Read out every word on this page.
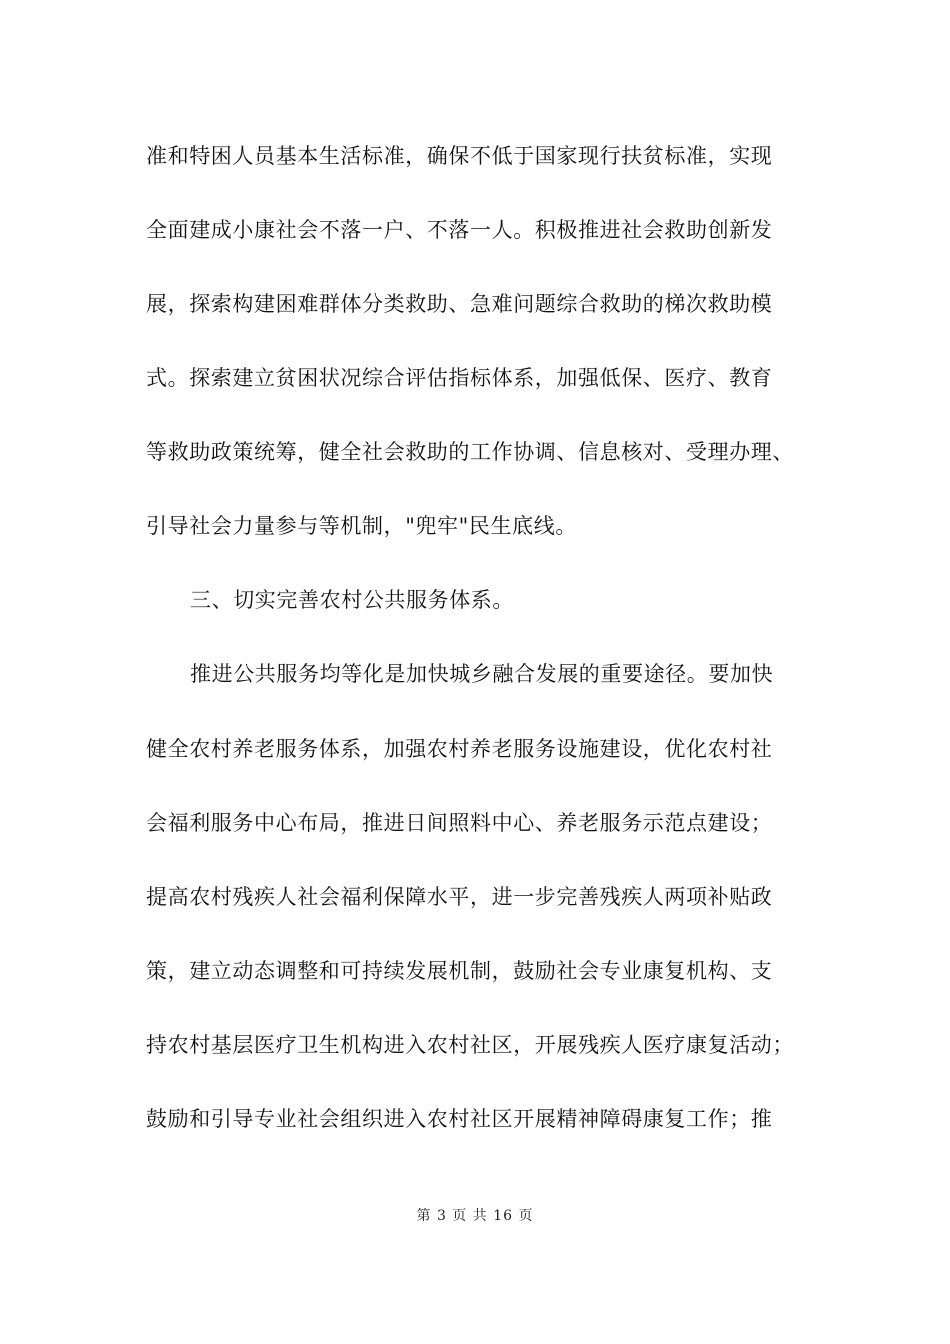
准和特困人员基本生活标准，确保不低于国家现行扶贫标准，实现
全面建成小康社会不落一户、不落一人。积极推进社会救助创新发
展，探索构建困难群体分类救助、急难问题综合救助的梯次救助模
式。探索建立贫困状况综合评估指标体系，加强低保、医疗、教育
等救助政策统筹，健全社会救助的工作协调、信息核对、受理办理、
引导社会力量参与等机制，"兜牢"民生底线。
三、切实完善农村公共服务体系。
推进公共服务均等化是加快城乡融合发展的重要途径。要加快
健全农村养老服务体系，加强农村养老服务设施建设，优化农村社
会福利服务中心布局，推进日间照料中心、养老服务示范点建设；
提高农村残疾人社会福利保障水平，进一步完善残疾人两项补贴政
策，建立动态调整和可持续发展机制，鼓励社会专业康复机构、支
持农村基层医疗卫生机构进入农村社区，开展残疾人医疗康复活动；
鼓励和引导专业社会组织进入农村社区开展精神障碍康复工作；推
第 3 页 共 16 页
